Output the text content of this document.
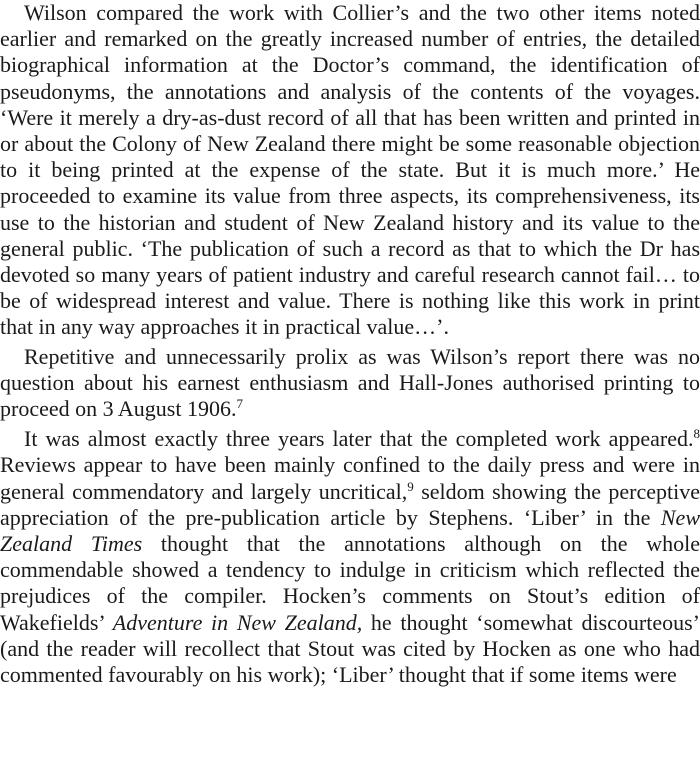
Wilson compared the work with Collier’s and the two other items noted earlier and remarked on the greatly increased number of entries, the detailed biographical information at the Doctor’s command, the identification of pseudonyms, the annotations and analysis of the contents of the voyages. ‘Were it merely a dry-as-dust record of all that has been written and printed in or about the Colony of New Zealand there might be some reasonable objection to it being printed at the expense of the state. But it is much more.’ He proceeded to examine its value from three aspects, its comprehensiveness, its use to the historian and student of New Zealand history and its value to the general public. ‘The publication of such a record as that to which the Dr has devoted so many years of patient industry and careful research cannot fail… to be of widespread interest and value. There is nothing like this work in print that in any way approaches it in practical value…’.

Repetitive and unnecessarily prolix as was Wilson’s report there was no question about his earnest enthusiasm and Hall-Jones authorised printing to proceed on 3 August 1906.$^7$

It was almost exactly three years later that the completed work appeared.$^8$ Reviews appear to have been mainly confined to the daily press and were in general commendatory and largely uncritical,$^9$ seldom showing the perceptive appreciation of the pre-publication article by Stephens. ‘Liber’ in the New Zealand Times thought that the annotations although on the whole commendable showed a tendency to indulge in criticism which reflected the prejudices of the compiler. Hocken’s comments on Stout’s edition of Wakefields’ Adventure in New Zealand, he thought ‘somewhat discourteous’ (and the reader will recollect that Stout was cited by Hocken as one who had commented favourably on his work); ‘Liber’ thought that if some items were
